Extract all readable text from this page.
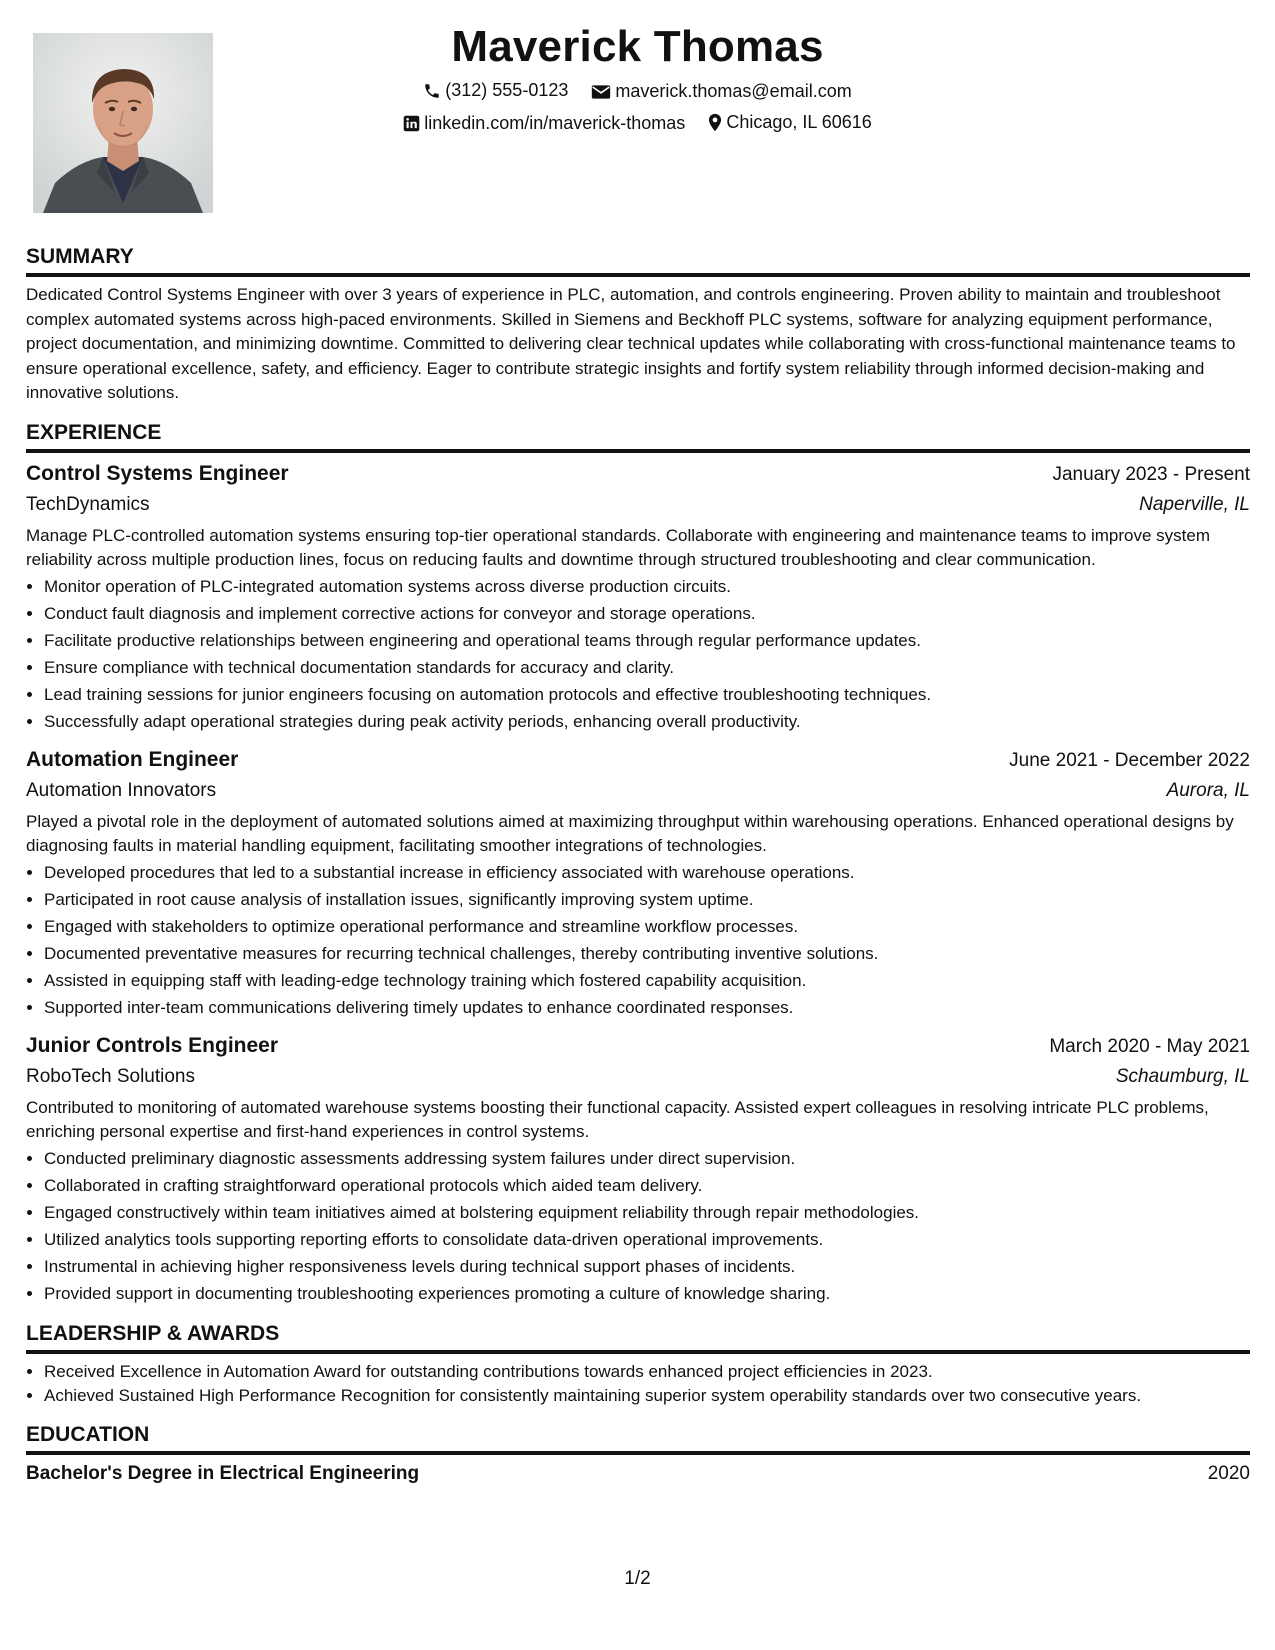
Maverick Thomas
(312) 555-0123
	maverick.thomas@email.com
linkedin.com/in/maverick-thomas
Chicago, IL 60616
SUMMARY

Dedicated Control Systems Engineer with over 3 years of experience in PLC, automation, and controls engineering. Proven ability to maintain and troubleshoot complex automated systems across high-paced environments. Skilled in Siemens and Beckhoff PLC systems, software for analyzing equipment performance, project documentation, and minimizing downtime. Committed to delivering clear technical updates while collaborating with cross-functional maintenance teams to ensure operational excellence, safety, and efficiency. Eager to contribute strategic insights and fortify system reliability through informed decision-making and innovative solutions.

EXPERIENCE
Control Systems Engineer	January 2023 - Present
TechDynamics	Naperville, IL

Manage PLC-controlled automation systems ensuring top-tier operational standards. Collaborate with engineering and maintenance teams to improve system reliability across multiple production lines, focus on reducing faults and downtime through structured troubleshooting and clear communication.

• Monitor operation of PLC-integrated automation systems across diverse production circuits.
• Conduct fault diagnosis and implement corrective actions for conveyor and storage operations.
• Facilitate productive relationships between engineering and operational teams through regular performance updates.
• Ensure compliance with technical documentation standards for accuracy and clarity.
• Lead training sessions for junior engineers focusing on automation protocols and effective troubleshooting techniques.
• Successfully adapt operational strategies during peak activity periods, enhancing overall productivity.
Automation Engineer	June 2021 - December 2022
Automation Innovators	Aurora, IL

Played a pivotal role in the deployment of automated solutions aimed at maximizing throughput within warehousing operations. Enhanced operational designs by diagnosing faults in material handling equipment, facilitating smoother integrations of technologies.

• Developed procedures that led to a substantial increase in efficiency associated with warehouse operations.
• Participated in root cause analysis of installation issues, significantly improving system uptime.
• Engaged with stakeholders to optimize operational performance and streamline workflow processes.
• Documented preventative measures for recurring technical challenges, thereby contributing inventive solutions.
• Assisted in equipping staff with leading-edge technology training which fostered capability acquisition.
• Supported inter-team communications delivering timely updates to enhance coordinated responses.
Junior Controls Engineer	March 2020 - May 2021
RoboTech Solutions	Schaumburg, IL

Contributed to monitoring of automated warehouse systems boosting their functional capacity. Assisted expert colleagues in resolving intricate PLC problems, enriching personal expertise and first-hand experiences in control systems.

• Conducted preliminary diagnostic assessments addressing system failures under direct supervision.
• Collaborated in crafting straightforward operational protocols which aided team delivery.
• Engaged constructively within team initiatives aimed at bolstering equipment reliability through repair methodologies.
• Utilized analytics tools supporting reporting efforts to consolidate data-driven operational improvements.
• Instrumental in achieving higher responsiveness levels during technical support phases of incidents.
• Provided support in documenting troubleshooting experiences promoting a culture of knowledge sharing.
LEADERSHIP & AWARDS
• Received Excellence in Automation Award for outstanding contributions towards enhanced project efficiencies in 2023.
• Achieved Sustained High Performance Recognition for consistently maintaining superior system operability standards over two consecutive years.
EDUCATION
Bachelor's Degree in Electrical Engineering	2020
1/2
